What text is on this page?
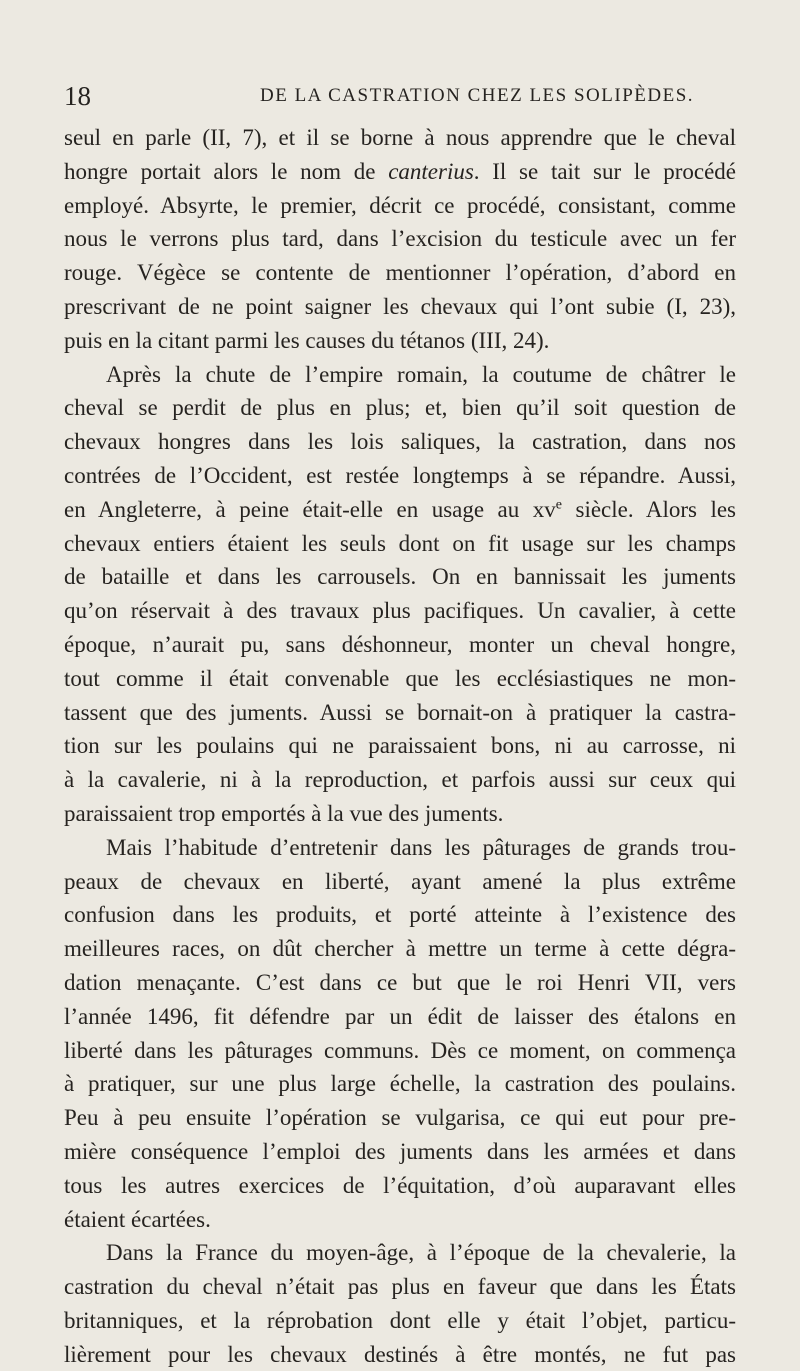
18	DE LA CASTRATION CHEZ LES SOLIPÈDES.
seul en parle (II, 7), et il se borne à nous apprendre que le cheval
hongre portait alors le nom de canterius. Il se tait sur le procédé
employé. Absyrte, le premier, décrit ce procédé, consistant, comme
nous le verrons plus tard, dans l’excision du testicule avec un fer
rouge. Végèce se contente de mentionner l’opération, d’abord en
prescrivant de ne point saigner les chevaux qui l’ont subie (I, 23),
puis en la citant parmi les causes du tétanos (III, 24).
Après la chute de l’empire romain, la coutume de châtrer le
cheval se perdit de plus en plus; et, bien qu’il soit question de
chevaux hongres dans les lois saliques, la castration, dans nos
contrées de l’Occident, est restée longtemps à se répandre. Aussi,
en Angleterre, à peine était-elle en usage au $xv^e$ siècle. Alors les
chevaux entiers étaient les seuls dont on fit usage sur les champs
de bataille et dans les carrousels. On en bannissait les juments
qu’on réservait à des travaux plus pacifiques. Un cavalier, à cette
époque, n’aurait pu, sans déshonneur, monter un cheval hongre,
tout comme il était convenable que les ecclésiastiques ne mon-
tassent que des juments. Aussi se bornait-on à pratiquer la castra-
tion sur les poulains qui ne paraissaient bons, ni au carrosse, ni
à la cavalerie, ni à la reproduction, et parfois aussi sur ceux qui
paraissaient trop emportés à la vue des juments.
Mais l’habitude d’entretenir dans les pâturages de grands trou-
peaux de chevaux en liberté, ayant amené la plus extrême
confusion dans les produits, et porté atteinte à l’existence des
meilleures races, on dût chercher à mettre un terme à cette dégra-
dation menaçante. C’est dans ce but que le roi Henri VII, vers
l’année 1496, fit défendre par un édit de laisser des étalons en
liberté dans les pâturages communs. Dès ce moment, on commença
à pratiquer, sur une plus large échelle, la castration des poulains.
Peu à peu ensuite l’opération se vulgarisa, ce qui eut pour pre-
mière conséquence l’emploi des juments dans les armées et dans
tous les autres exercices de l’équitation, d’où auparavant elles
étaient écartées.
Dans la France du moyen-âge, à l’époque de la chevalerie, la
castration du cheval n’était pas plus en faveur que dans les États
britanniques, et la réprobation dont elle y était l’objet, particu-
lièrement pour les chevaux destinés à être montés, ne fut pas
